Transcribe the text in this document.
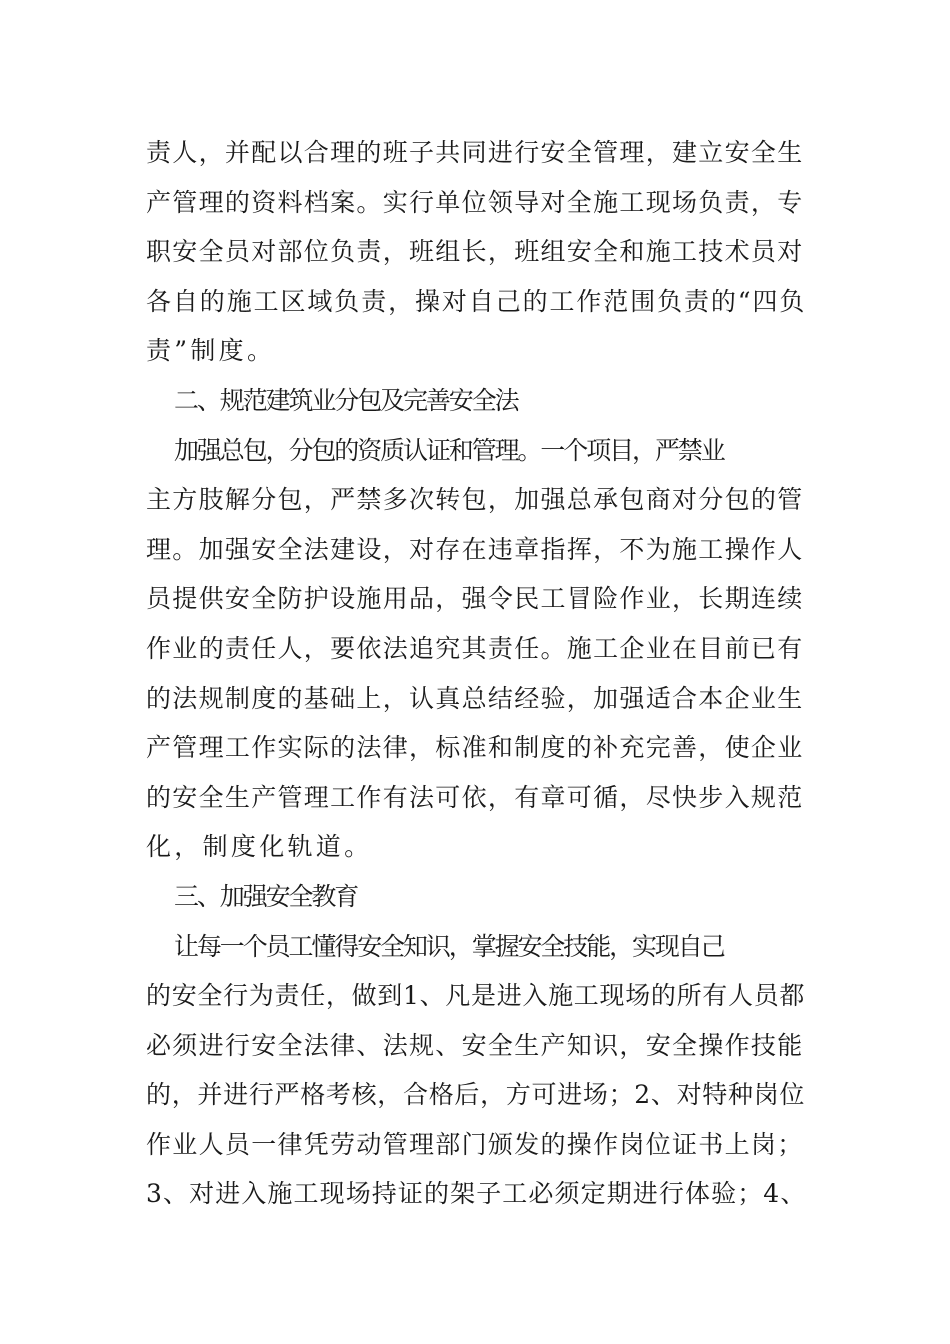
责人，并配以合理的班子共同进行安全管理，建立安全生

产管理的资料档案。实行单位领导对全施工现场负责，专

职安全员对部位负责，班组长，班组安全和施工技术员对

各自的施工区域负责，操对自己的工作范围负责的“四负

责”制度。

二、规范建筑业分包及完善安全法

加强总包，分包的资质认证和管理。一个项目，严禁业

主方肢解分包，严禁多次转包，加强总承包商对分包的管

理。加强安全法建设，对存在违章指挥，不为施工操作人

员提供安全防护设施用品，强令民工冒险作业，长期连续

作业的责任人，要依法追究其责任。施工企业在目前已有

的法规制度的基础上，认真总结经验，加强适合本企业生

产管理工作实际的法律，标准和制度的补充完善，使企业

的安全生产管理工作有法可依，有章可循，尽快步入规范

化，制度化轨道。

三、加强安全教育

让每一个员工懂得安全知识，掌握安全技能，实现自己

的安全行为责任，做到1、凡是进入施工现场的所有人员都

必须进行安全法律、法规、安全生产知识，安全操作技能

的，并进行严格考核，合格后，方可进场；2、对特种岗位

作业人员一律凭劳动管理部门颁发的操作岗位证书上岗；

3、对进入施工现场持证的架子工必须定期进行体验；4、
